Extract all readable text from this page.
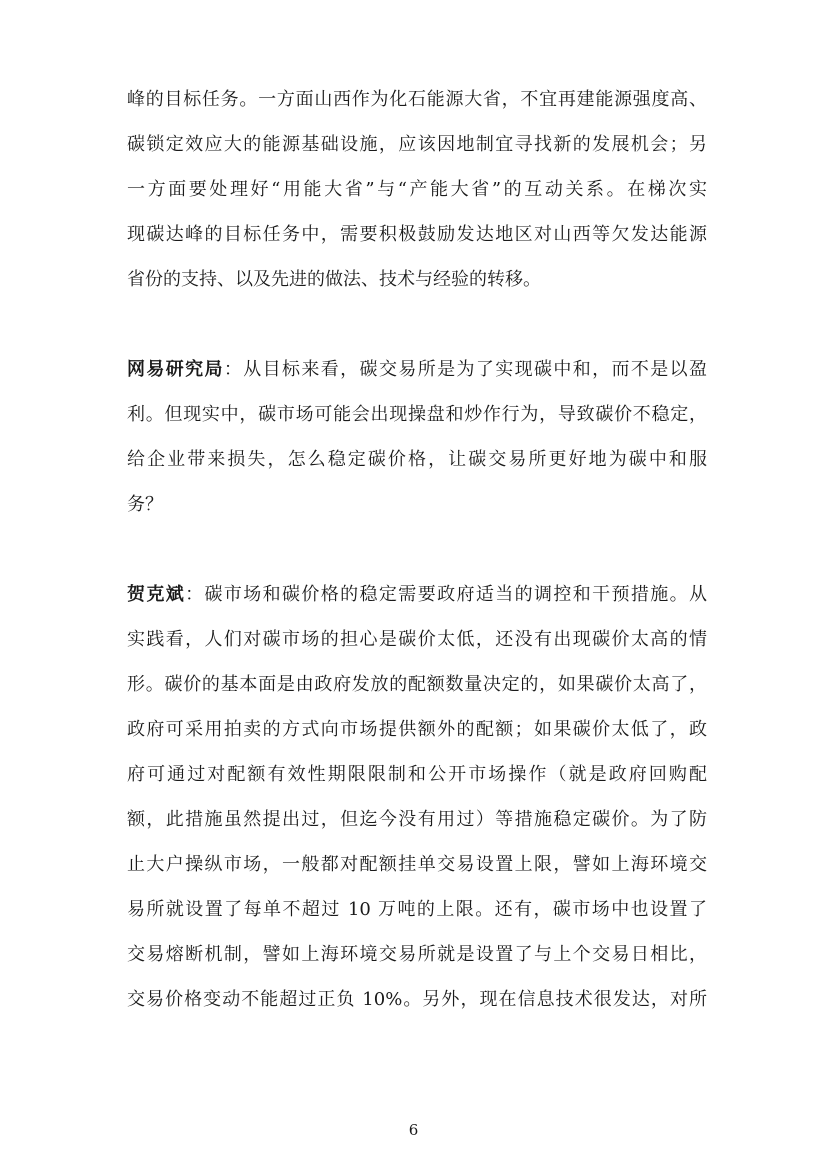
峰的目标任务。一方面山西作为化石能源大省，不宜再建能源强度高、
碳锁定效应大的能源基础设施，应该因地制宜寻找新的发展机会；另
一方面要处理好“用能大省”与“产能大省”的互动关系。在梯次实
现碳达峰的目标任务中，需要积极鼓励发达地区对山西等欠发达能源
省份的支持、以及先进的做法、技术与经验的转移。
网易研究局：从目标来看，碳交易所是为了实现碳中和，而不是以盈
利。但现实中，碳市场可能会出现操盘和炒作行为，导致碳价不稳定，
给企业带来损失，怎么稳定碳价格，让碳交易所更好地为碳中和服
务？
贺克斌：碳市场和碳价格的稳定需要政府适当的调控和干预措施。从
实践看，人们对碳市场的担心是碳价太低，还没有出现碳价太高的情
形。碳价的基本面是由政府发放的配额数量决定的，如果碳价太高了，
政府可采用拍卖的方式向市场提供额外的配额；如果碳价太低了，政
府可通过对配额有效性期限限制和公开市场操作（就是政府回购配
额，此措施虽然提出过，但迄今没有用过）等措施稳定碳价。为了防
止大户操纵市场，一般都对配额挂单交易设置上限，譬如上海环境交
易所就设置了每单不超过 10 万吨的上限。还有，碳市场中也设置了
交易熔断机制，譬如上海环境交易所就是设置了与上个交易日相比，
交易价格变动不能超过正负 10%。另外，现在信息技术很发达，对所
6
